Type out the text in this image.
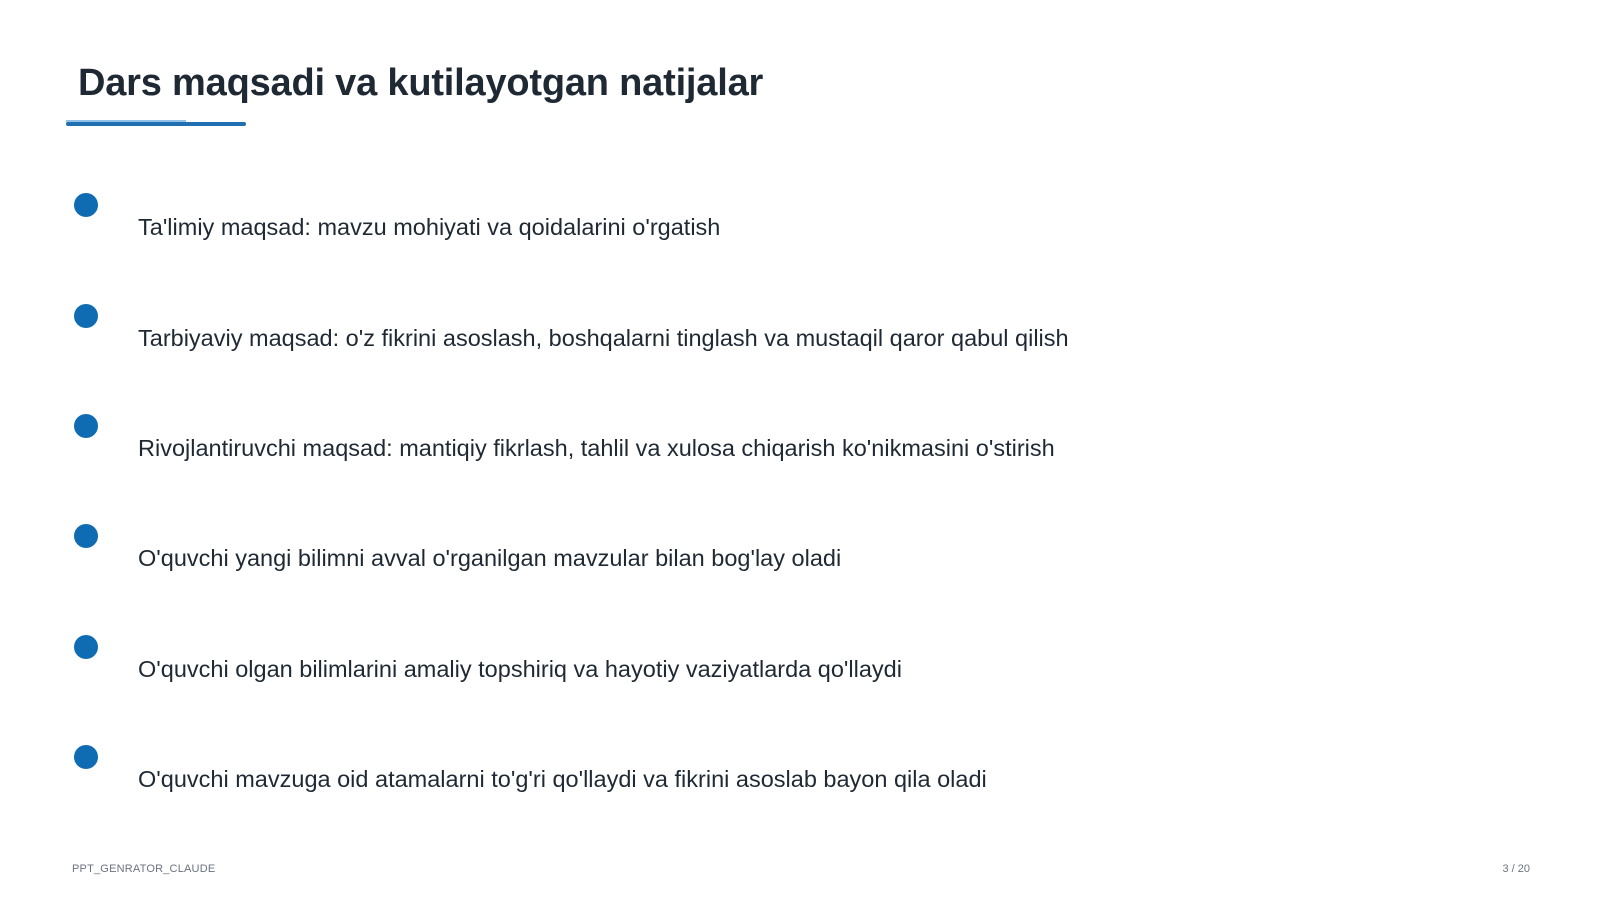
Dars maqsadi va kutilayotgan natijalar
Ta'limiy maqsad: mavzu mohiyati va qoidalarini o'rgatish
Tarbiyaviy maqsad: o'z fikrini asoslash, boshqalarni tinglash va mustaqil qaror qabul qilish
Rivojlantiruvchi maqsad: mantiqiy fikrlash, tahlil va xulosa chiqarish ko'nikmasini o'stirish
O'quvchi yangi bilimni avval o'rganilgan mavzular bilan bog'lay oladi
O'quvchi olgan bilimlarini amaliy topshiriq va hayotiy vaziyatlarda qo'llaydi
O'quvchi mavzuga oid atamalarni to'g'ri qo'llaydi va fikrini asoslab bayon qila oladi
PPT_GENRATOR_CLAUDE	3 / 20
